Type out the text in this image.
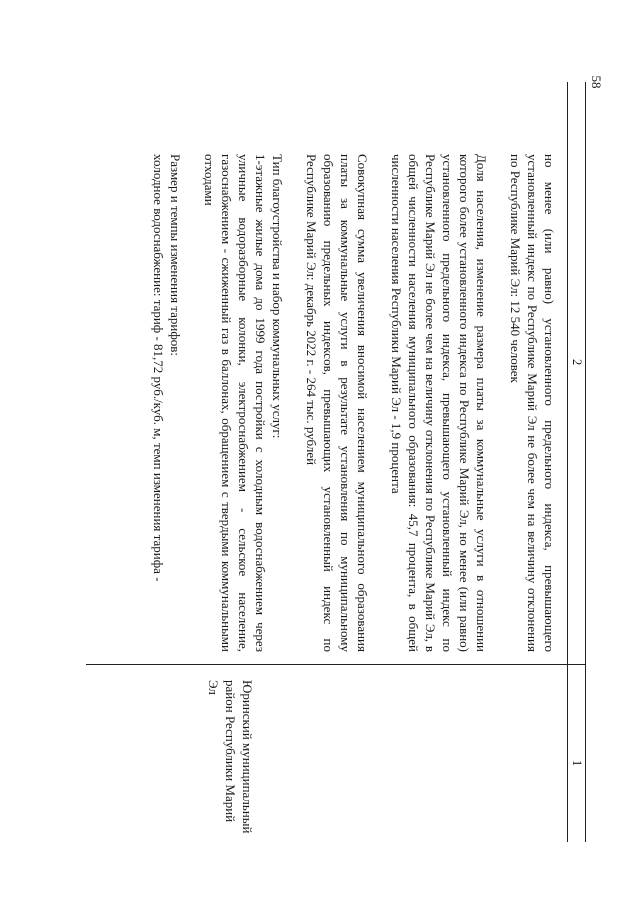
58
1
2
Юринский муниципальный район Республики Марий Эл

но менее (или равно) установленного предельного индекса, превышающего установленный индекс по Республике Марий Эл не более чем на величину отклонения по Республике Марий Эл: 12 540 человек

Доля населения, изменение размера платы за коммунальные услуги в отношении которого более установленного индекса по Республике Марий Эл, но менее (или равно) установленного предельного индекса, превышающего установленный индекс по Республике Марий Эл не более чем на величину отклонения по Республике Марий Эл, в общей численности населения муниципального образования: 45,7 процента, в общей численности населения Республики Марий Эл - 1,9 процента

Совокупная сумма увеличения вносимой населением муниципального образования платы за коммунальные услуги в результате установления по муниципальному образованию предельных индексов, превышающих установленный индекс по Республике Марий Эл: декабрь 2022 г. - 264 тыс. рублей

Тип благоустройства и набор коммунальных услуг:

1-этажные жилые дома до 1999 года постройки с холодным водоснабжением через уличные водоразборные колонки, электроснабжением - сельское население, газоснабжением - сжиженный газ в баллонах, обращением с твердыми коммунальными отходами

Размер и темпы изменения тарифов:

холодное водоснабжение: тариф - 81,72 руб./куб. м, темп изменения тарифа -
